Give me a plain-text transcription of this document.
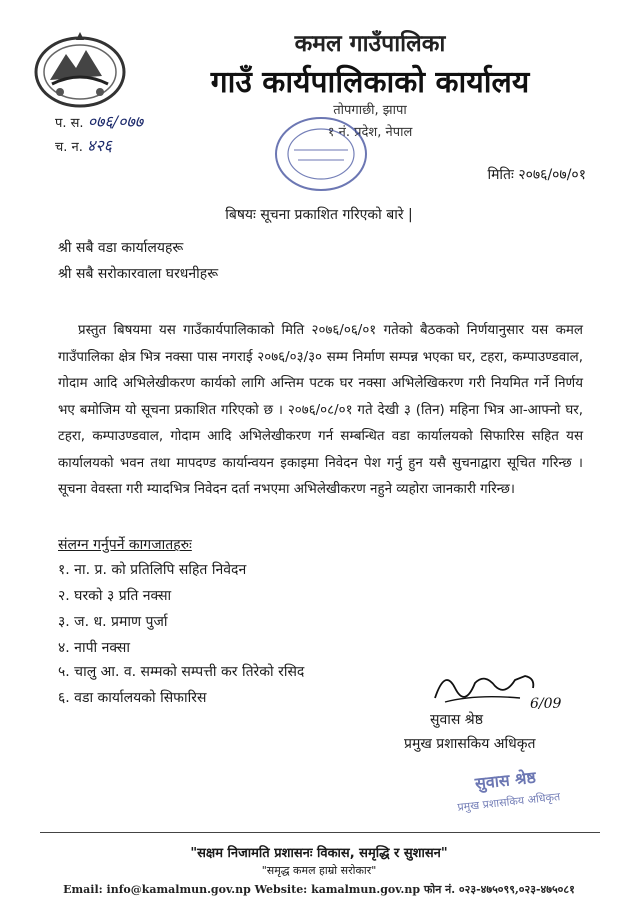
कमल गाउँपालिका
गाउँ कार्यपालिकाको कार्यालय
तोपगाछी, झापा
१ नं. प्रदेश, नेपाल
प. स. ०७६/०७७
च. न. ४२६
मितिः २०७६/०७/०१
बिषयः सूचना प्रकाशित गरिएको बारे |
श्री सबै वडा कार्यालयहरू
श्री सबै सरोकारवाला घरधनीहरू
प्रस्तुत बिषयमा यस गाउँकार्यपालिकाको मिति २०७६/०६/०१ गतेको बैठकको निर्णयानुसार यस कमल गाउँपालिका क्षेत्र भित्र नक्सा पास नगराई २०७६/०३/३० सम्म निर्माण सम्पन्न भएका घर, टहरा, कम्पाउण्डवाल, गोदाम आदि अभिलेखीकरण कार्यको लागि अन्तिम पटक घर नक्सा अभिलेखिकरण गरी नियमित गर्ने निर्णय भए बमोजिम यो सूचना प्रकाशित गरिएको छ । २०७६/०८/०१ गते देखी ३ (तिन) महिना भित्र आ-आफ्नो घर, टहरा, कम्पाउण्डवाल, गोदाम आदि अभिलेखीकरण गर्न सम्बन्धित वडा कार्यालयको सिफारिस सहित यस कार्यालयको भवन तथा मापदण्ड कार्यान्वयन इकाइमा निवेदन पेश गर्नु हुन यसै सुचनाद्वारा सूचित गरिन्छ । सूचना वेवस्ता गरी म्यादभित्र निवेदन दर्ता नभएमा अभिलेखीकरण नहुने व्यहोरा जानकारी गरिन्छ।
संलग्न गर्नुपर्ने कागजातहरुः
१. ना. प्र. को प्रतिलिपि सहित निवेदन
२. घरको ३ प्रति नक्सा
३. ज. ध. प्रमाण पुर्जा
४. नापी नक्सा
५. चालु आ. व. सम्मको सम्पत्ती कर तिरेको रसिद
६. वडा कार्यालयको सिफारिस	6/09
सुवास श्रेष्ठ
प्रमुख प्रशासकिय अधिकृत
सुवास श्रेष्ठ
प्रमुख प्रशासकिय अधिकृत
"सक्षम निजामति प्रशासनः विकास, समृद्धि र सुशासन"
"समृद्ध कमल हाम्रो सरोकार"
Email: info@kamalmun.gov.np Website: kamalmun.gov.np फोन नं. ०२३-४७५०९९,०२३-४७५०८१
